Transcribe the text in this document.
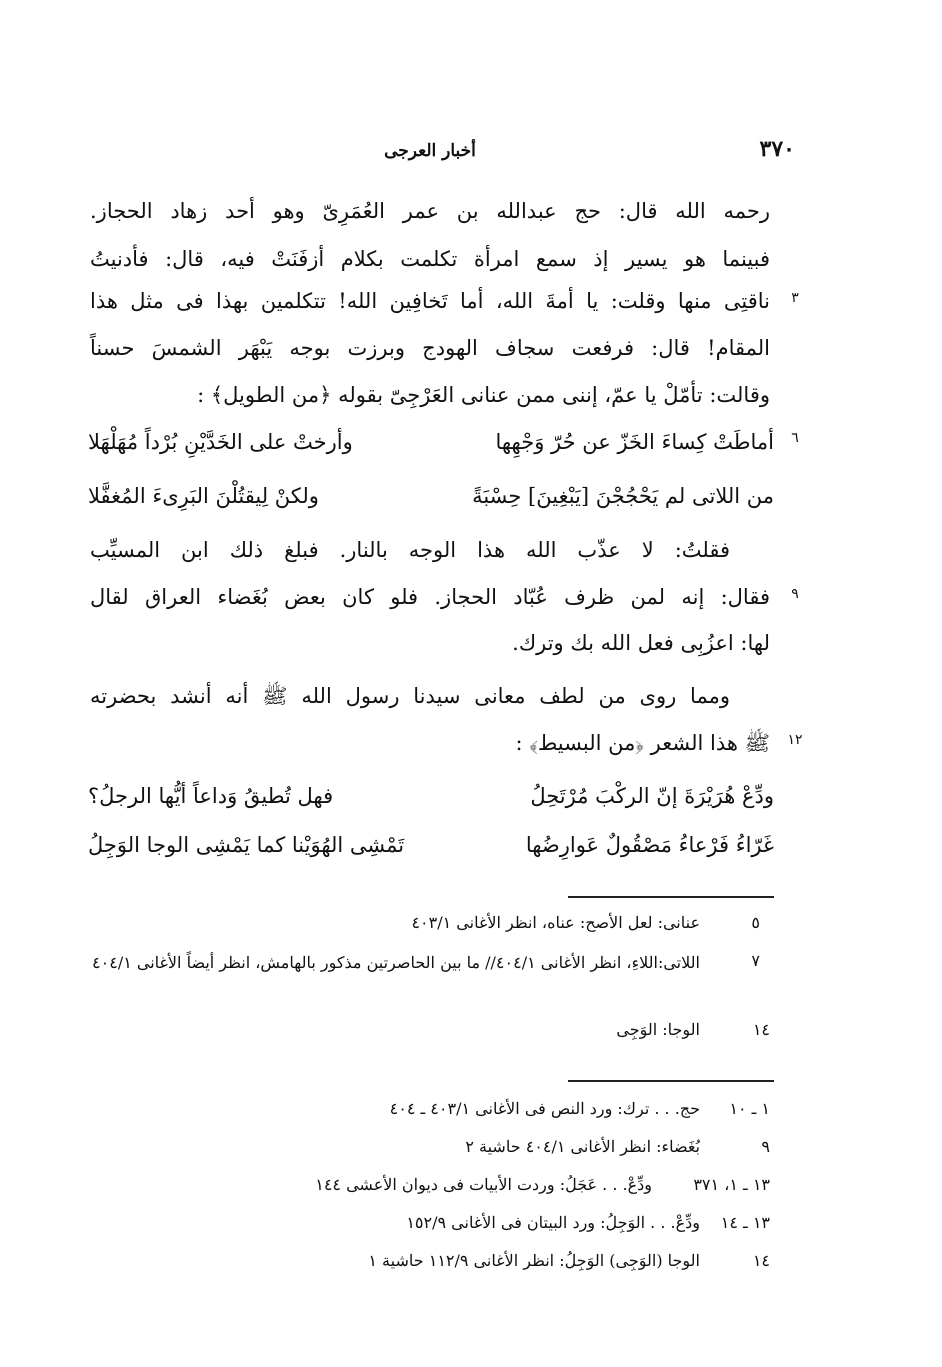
٣٧٠
أخبار العرجى
رحمه الله قال: حج عبدالله بن عمر العُمَرِىّ وهو أحد زهاد الحجاز.
فبينما هو يسير إذ سمع امرأة تكلمت بكلام أزفَنَتْ فيه، قال: فأدنيتُ
٣
ناقتِى منها وقلت: يا أمةَ الله، أما تَخافِين الله! تتكلمين بهذا فى مثل هذا
المقام! قال: فرفعت سجاف الهودج وبرزت بوجه يَبْهَر الشمسَ حسناً
وقالت: تأمّلْ يا عمّ، إننى ممن عنانى العَرْجِىّ بقوله ﴿من الطويل﴾ :
٦
أماطَتْ كِساءَ الخَزّ عن حُرّ وَجْهِها
وأرختْ على الخَدَّيْنِ بُرْداً مُهَلْهَلا
من اللاتى لم يَحْجُجْنَ [يَبْغِينَ] حِسْبَةً
ولكنْ لِيقتُلْنَ البَرِىءَ المُغفَّلا
فقلتُ: لا عذّب الله هذا الوجه بالنار. فبلغ ذلك ابن المسيِّب
٩
فقال: إنه لمن ظرف عُبّاد الحجاز. فلو كان بعض بُغَضاء العراق لقال
لها: اعزُبِى فعل الله بك وترك.
ومما روى من لطف معانى سيدنا رسول الله ﷺ أنه أنشد بحضرته
١٢
ﷺ هذا الشعر ﴿من البسيط﴾ :
ودِّعْ هُرَيْرَةَ إنّ الركْبَ مُرْتَحِلُ
فهل تُطيقُ وَداعاً أيُّها الرجلُ؟
غَرّاءُ فَرْعاءُ مَصْقُولٌ عَوارِضُها
تَمْشِى الهُوَيْنا كما يَمْشِى الوجا الوَجِلُ
٥
عنانى: لعل الأصح: عناه، انظر الأغانى ٤٠٣/١
٧
اللاتى:اللاءِ، انظر الأغانى ٤٠٤/١// ما بين الحاصرتين مذكور بالهامش، انظر أيضاً الأغانى ٤٠٤/١
١٤
الوجا: الوَجِى
١ ـ ١٠
حج. . . ترك: ورد النص فى الأغانى ٤٠٣/١ ـ ٤٠٤
٩
بُغَضاء: انظر الأغانى ٤٠٤/١ حاشية ٢
١٣ ـ ١، ٣٧١
ودِّعْ. . . عَجَلُ: وردت الأبيات فى ديوان الأعشى ١٤٤
١٣ ـ ١٤
ودِّعْ. . . الوَجِلُ: ورد البيتان فى الأغانى ١٥٢/٩
١٤
الوجا (الوَجِى) الوَجِلُ: انظر الأغانى ١١٢/٩ حاشية ١
